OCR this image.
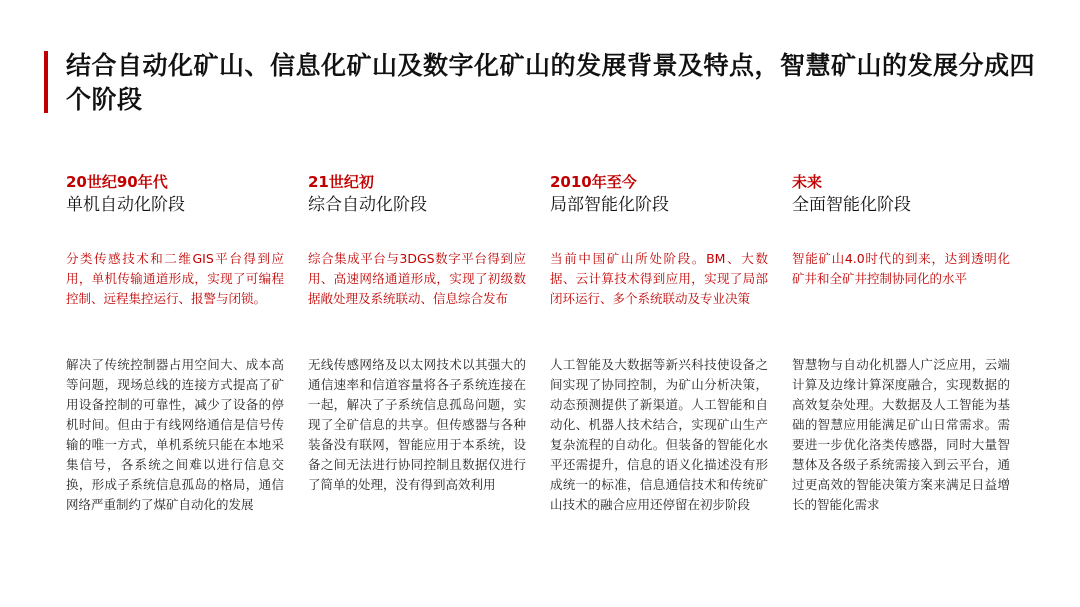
结合自动化矿山、信息化矿山及数字化矿山的发展背景及特点，智慧矿山的发展分成四个阶段
20世纪90年代
单机自动化阶段
分类传感技术和二维GIS平台得到应用，单机传输通道形成，实现了可编程控制、远程集控运行、报警与闭锁。
解决了传统控制器占用空间大、成本高等问题，现场总线的连接方式提高了矿用设备控制的可靠性，减少了设备的停机时间。但由于有线网络通信是信号传输的唯一方式，单机系统只能在本地采集信号，各系统之间难以进行信息交换，形成子系统信息孤岛的格局，通信网络严重制约了煤矿自动化的发展
21世纪初
综合自动化阶段
综合集成平台与3DGS数字平台得到应用、高速网络通道形成，实现了初级数据敞处理及系统联动、信息综合发布
无线传感网络及以太网技术以其强大的通信速率和信道容量将各子系统连接在一起，解决了子系统信息孤岛问题，实现了全矿信息的共享。但传感器与各种装备没有联网，智能应用于本系统，设备之间无法进行协同控制且数据仅进行了简单的处理，没有得到高效利用
2010年至今
局部智能化阶段
当前中国矿山所处阶段。BM、大数据、云计算技术得到应用，实现了局部闭环运行、多个系统联动及专业决策
人工智能及大数据等新兴科技使设备之间实现了协同控制，为矿山分析决策，动态预测提供了新渠道。人工智能和自动化、机器人技术结合，实现矿山生产复杂流程的自动化。但装备的智能化水平还需提升，信息的语义化描述没有形成统一的标准，信息通信技术和传统矿山技术的融合应用还停留在初步阶段
未来
全面智能化阶段
智能矿山4.0时代的到来，达到透明化矿井和全矿井控制协同化的水平
智慧物与自动化机器人广泛应用，云端计算及边缘计算深度融合，实现数据的高效复杂处理。大数据及人工智能为基础的智慧应用能满足矿山日常需求。需要进一步优化洛类传感器，同时大量智慧体及各级子系统需接入到云平台，通过更高效的智能决策方案来满足日益增长的智能化需求
